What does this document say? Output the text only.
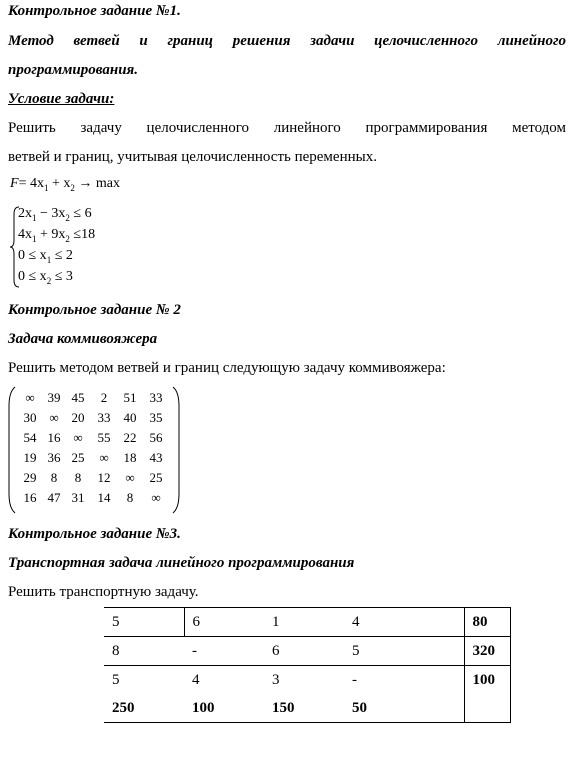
Контрольное задание №1.
Метод ветвей и границ решения задачи целочисленного линейного
программирования.
Условие задачи:
Решить задачу целочисленного линейного программирования методом
ветвей и границ, учитывая целочисленность переменных.
$F= 4x_1 + x_2 \to \max$
$2x_1 - 3x_2 \le 6$
$4x_1 + 9x_2 \le 18$
$0 \le x_1 \le 2$
$0 \le x_2 \le 3$
Контрольное задание № 2
Задача коммивояжера
Решить методом ветвей и границ следующую задачу коммивояжера:
∞ 39 45	2	51	33
30 ∞ 20	33	40	35
54 16 ∞	55	22	56
19 36 25	∞	18	43
29	8	8	12	∞	25
16 47 31	14	8	∞
Контрольное задание №3.
Транспортная задача линейного программирования
Решить транспортную задачу.
5	6	1	4		80

8	-	6	5		320

5	4	3	-		100

250	100	150	50		
